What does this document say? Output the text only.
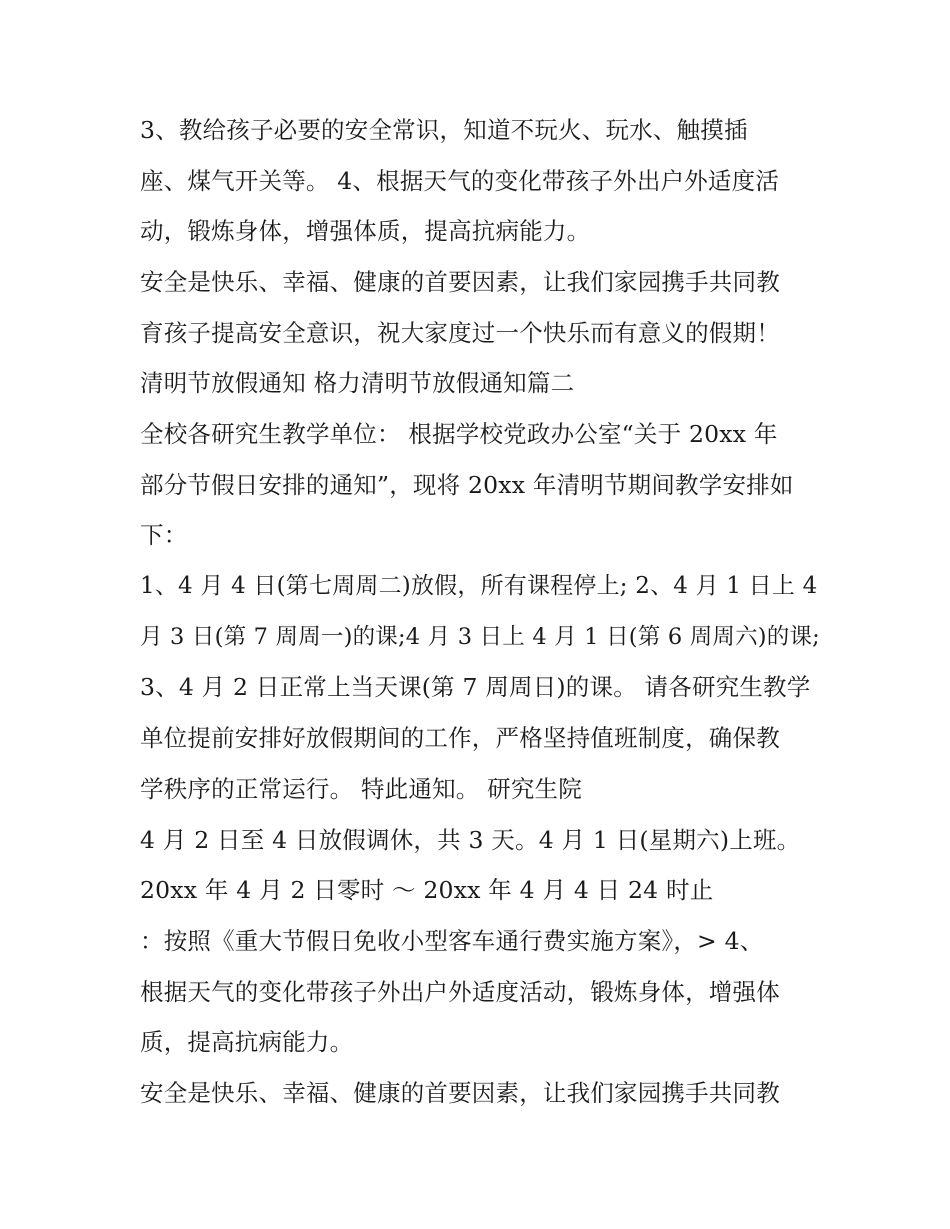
3、教给孩子必要的安全常识，知道不玩火、玩水、触摸插
座、煤气开关等。 4、根据天气的变化带孩子外出户外适度活
动，锻炼身体，增强体质，提高抗病能力。
安全是快乐、幸福、健康的首要因素，让我们家园携手共同教
育孩子提高安全意识，祝大家度过一个快乐而有意义的假期！
清明节放假通知 格力清明节放假通知篇二
全校各研究生教学单位： 根据学校党政办公室“关于 20xx 年
部分节假日安排的通知”，现将 20xx 年清明节期间教学安排如
下：
1、4 月 4 日(第七周周二)放假，所有课程停上; 2、4 月 1 日上 4
月 3 日(第 7 周周一)的课;4 月 3 日上 4 月 1 日(第 6 周周六)的课;
3、4 月 2 日正常上当天课(第 7 周周日)的课。 请各研究生教学
单位提前安排好放假期间的工作，严格坚持值班制度，确保教
学秩序的正常运行。 特此通知。 研究生院
4 月 2 日至 4 日放假调休，共 3 天。4 月 1 日(星期六)上班。
20xx 年 4 月 2 日零时 ～ 20xx 年 4 月 4 日 24 时止
：按照《重大节假日免收小型客车通行费实施方案》，> 4、
根据天气的变化带孩子外出户外适度活动，锻炼身体，增强体
质，提高抗病能力。
安全是快乐、幸福、健康的首要因素，让我们家园携手共同教
